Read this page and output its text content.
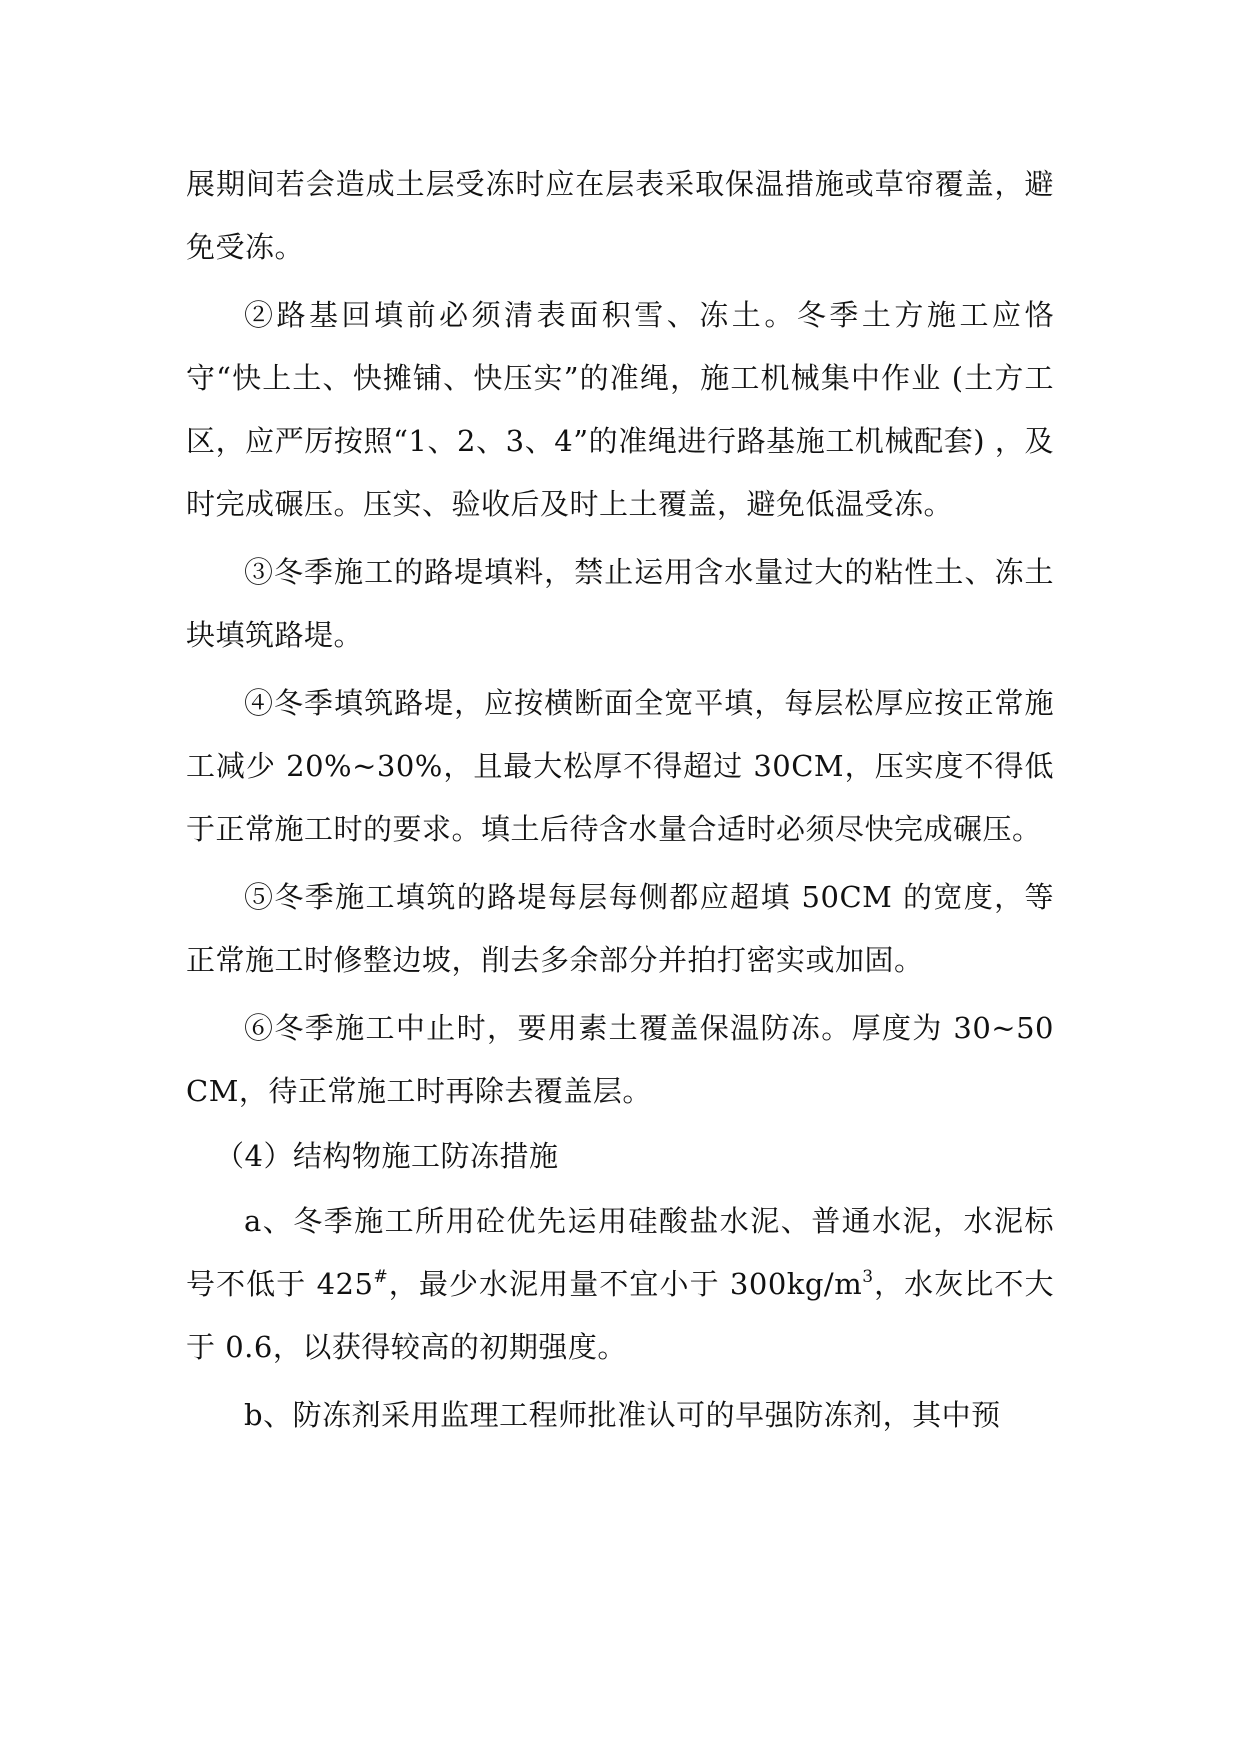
展期间若会造成土层受冻时应在层表采取保温措施或草帘覆盖，避免受冻。

②路基回填前必须清表面积雪、冻土。冬季土方施工应恪守“快上土、快摊铺、快压实”的准绳，施工机械集中作业 (土方工区，应严厉按照“1、2、3、4”的准绳进行路基施工机械配套) ，及时完成碾压。压实、验收后及时上土覆盖，避免低温受冻。

③冬季施工的路堤填料，禁止运用含水量过大的粘性土、冻土块填筑路堤。

④冬季填筑路堤，应按横断面全宽平填，每层松厚应按正常施工减少 20%~30%，且最大松厚不得超过 30CM，压实度不得低于正常施工时的要求。填土后待含水量合适时必须尽快完成碾压。

⑤冬季施工填筑的路堤每层每侧都应超填 50CM 的宽度，等正常施工时修整边坡，削去多余部分并拍打密实或加固。

⑥冬季施工中止时，要用素土覆盖保温防冻。厚度为 30~50CM，待正常施工时再除去覆盖层。

（4）结构物施工防冻措施

a、冬季施工所用砼优先运用硅酸盐水泥、普通水泥，水泥标号不低于 425#，最少水泥用量不宜小于 $300kg/m^3$，水灰比不大于 0.6，以获得较高的初期强度。

b、防冻剂采用监理工程师批准认可的早强防冻剂，其中预
